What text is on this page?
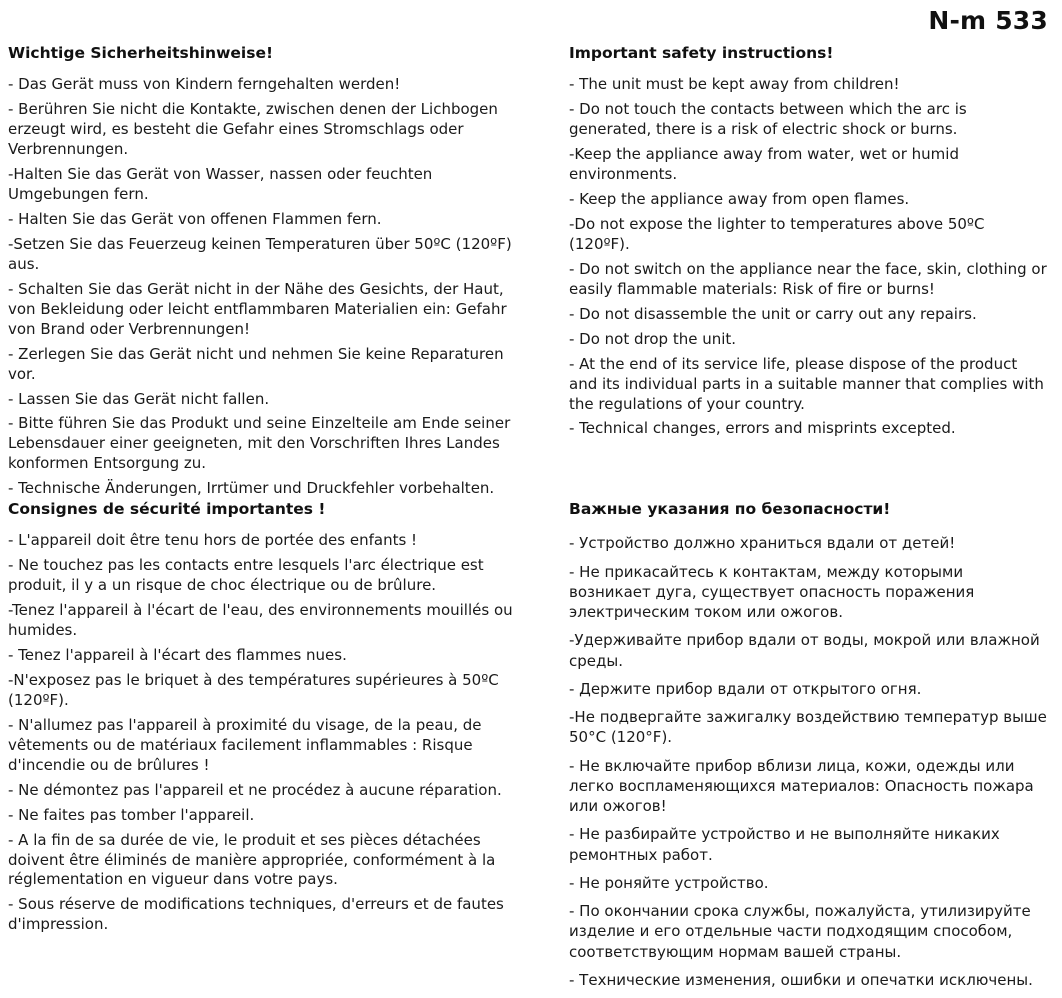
N-m 533
Wichtige Sicherheitshinweise!

- Das Gerät muss von Kindern ferngehalten werden!

- Berühren Sie nicht die Kontakte, zwischen denen der Lichbogen erzeugt wird, es besteht die Gefahr eines Stromschlags oder Verbrennungen.

-Halten Sie das Gerät von Wasser, nassen oder feuchten Umgebungen fern.

- Halten Sie das Gerät von offenen Flammen fern.

-Setzen Sie das Feuerzeug keinen Temperaturen über 50ºC (120ºF) aus.

- Schalten Sie das Gerät nicht in der Nähe des Gesichts, der Haut, von Bekleidung oder leicht entflammbaren Materialien ein: Gefahr von Brand oder Verbrennungen!

- Zerlegen Sie das Gerät nicht und nehmen Sie keine Reparaturen vor.

- Lassen Sie das Gerät nicht fallen.

- Bitte führen Sie das Produkt und seine Einzelteile am Ende seiner Lebensdauer einer geeigneten, mit den Vorschriften Ihres Landes konformen Entsorgung zu.

- Technische Änderungen, Irrtümer und Druckfehler vorbehalten.

Important safety instructions!

- The unit must be kept away from children!

- Do not touch the contacts between which the arc is generated, there is a risk of electric shock or burns.

-Keep the appliance away from water, wet or humid environments.

- Keep the appliance away from open flames.

-Do not expose the lighter to temperatures above 50ºC (120ºF).

- Do not switch on the appliance near the face, skin, clothing or easily flammable materials: Risk of fire or burns!

- Do not disassemble the unit or carry out any repairs.

- Do not drop the unit.

- At the end of its service life, please dispose of the product and its individual parts in a suitable manner that complies with the regulations of your country.

- Technical changes, errors and misprints excepted.

Consignes de sécurité importantes !

- L'appareil doit être tenu hors de portée des enfants !

- Ne touchez pas les contacts entre lesquels l'arc électrique est produit, il y a un risque de choc électrique ou de brûlure.

-Tenez l'appareil à l'écart de l'eau, des environnements mouillés ou humides.

- Tenez l'appareil à l'écart des flammes nues.

-N'exposez pas le briquet à des températures supérieures à 50ºC (120ºF).

- N'allumez pas l'appareil à proximité du visage, de la peau, de vêtements ou de matériaux facilement inflammables : Risque d'incendie ou de brûlures !

- Ne démontez pas l'appareil et ne procédez à aucune réparation.

- Ne faites pas tomber l'appareil.

- A la fin de sa durée de vie, le produit et ses pièces détachées doivent être éliminés de manière appropriée, conformément à la réglementation en vigueur dans votre pays.

- Sous réserve de modifications techniques, d'erreurs et de fautes d'impression.

Важные указания по безопасности!

- Устройство должно храниться вдали от детей!

- Не прикасайтесь к контактам, между которыми возникает дуга, существует опасность поражения электрическим током или ожогов.

-Удерживайте прибор вдали от воды, мокрой или влажной среды.

- Держите прибор вдали от открытого огня.

-Не подвергайте зажигалку воздействию температур выше 50°C (120°F).

- Не включайте прибор вблизи лица, кожи, одежды или легко воспламеняющихся материалов: Опасность пожара или ожогов!

- Не разбирайте устройство и не выполняйте никаких ремонтных работ.

- Не роняйте устройство.

- По окончании срока службы, пожалуйста, утилизируйте изделие и его отдельные части подходящим способом, соответствующим нормам вашей страны.

- Технические изменения, ошибки и опечатки исключены.
